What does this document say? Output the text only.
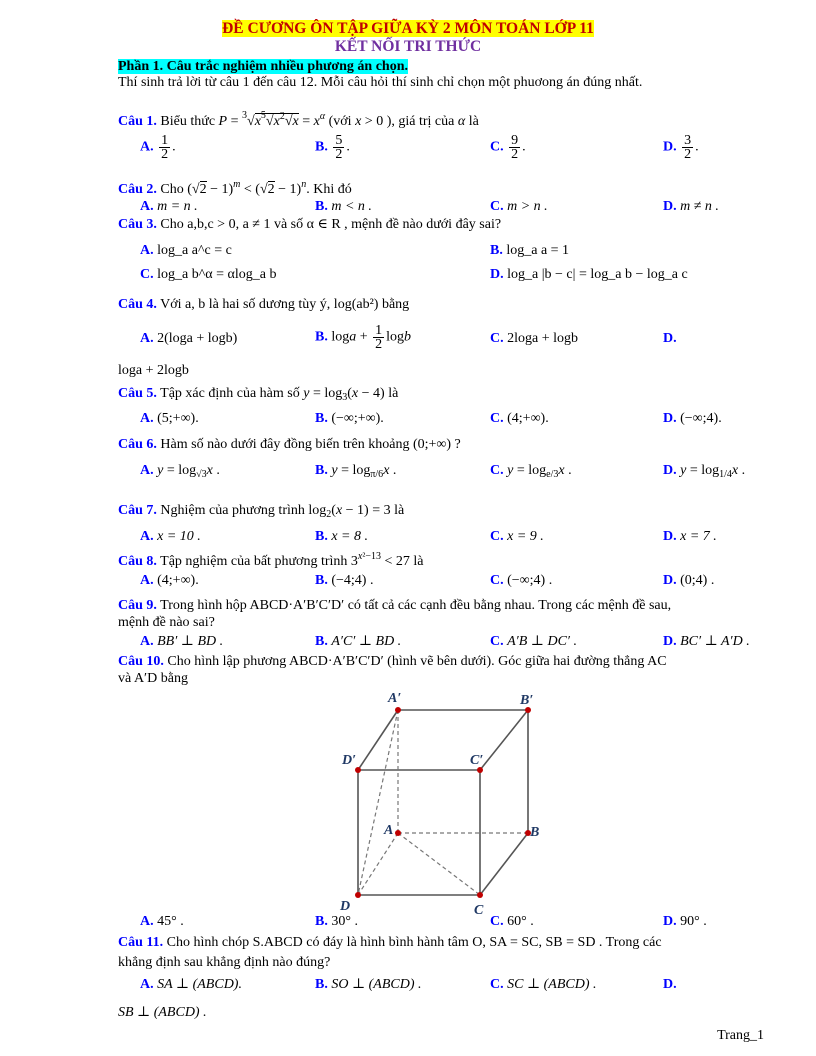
ĐỀ CƯƠNG ÔN TẬP GIỮA KỲ 2 MÔN TOÁN LỚP 11
KẾT NỐI TRI THỨC
Phần 1. Câu trắc nghiệm nhiều phương án chọn.
Thí sinh trả lời từ câu 1 đến câu 12. Mỗi câu hỏi thí sinh chỉ chọn một phuơong án đúng nhất.
Câu 1. Biểu thức $P = ^3√x^5√x^2√x = x^\alpha$ (với x > 0 ), giá trị của α là
A. $\frac{1}{2}$ .	B. $\frac{5}{2}$ .	C. $\frac{9}{2}$ .	D. $\frac{3}{2}$ .
Câu 2. Cho $(√2 - 1)^m < (√2 - 1)^n$. Khi đó
A. m = n .	B. m < n .	C. m > n .	D. m ≠ n .
Câu 3. Cho a,b,c > 0, a ≠ 1 và số α ∈ R , mệnh đề nào dưới đây sai?
A. log_a a^c = c	B. log_a a = 1
C. log_a b^α = αlog_a b	D. log_a |b − c| = log_a b − log_a c
Câu 4. Với a, b là hai số dương tùy ý, log(ab²) bằng
A. 2(loga + logb)	B. $\log a + \frac{1}{2}$ logb	C. 2loga + logb	D.
loga + 2logb
Câu 5. Tập xác định của hàm số $y = \log_3(x - 4)$ là
A. (5;+∞).	B. (−∞;+∞).	C. (4;+∞).	D. (−∞;4).
Câu 6. Hàm số nào dưới đây đồng biến trên khoảng (0;+∞) ?
A. $y = \log_{√3}x$ .	B. $y = \log_{\pi/6}x$ .	C. $y = \log_{e/3}x$ .	D. $y = \log_{1/4}x$ .
Câu 7. Nghiệm của phương trình $\log_2(x - 1) = 3$ là
A. x = 10 .	B. x = 8 .	C. x = 9 .	D. x = 7 .
Câu 8. Tập nghiệm của bất phương trình $3^{x^2-13} < 27$ là
A. (4;+∞).	B. (−4;4) .	C. (−∞;4) .	D. (0;4) .
Câu 9. Trong hình hộp ABCD·A′B′C′D′ có tất cả các cạnh đều bằng nhau. Trong các mệnh đề sau,
mệnh đề nào sai?
A. BB′ ⊥ BD .	B. A′C′ ⊥ BD .	C. A′B ⊥ DC′ .	D. BC′ ⊥ A′D .
Câu 10. Cho hình lập phương ABCD·A′B′C′D′ (hình vẽ bên dưới). Góc giữa hai đường thẳng AC
và A′D bằng
A′	B′
C′
D′
A	B
C
D
A. 45° .	B. 30° .	C. 60° .	D. 90° .
Câu 11. Cho hình chóp S.ABCD có đáy là hình bình hành tâm O, SA = SC, SB = SD . Trong các
khẳng định sau khẳng định nào đúng?
A. SA ⊥ (ABCD).	B. SO ⊥ (ABCD) .	C. SC ⊥ (ABCD) .	D.
SB ⊥ (ABCD) .
Trang_1
